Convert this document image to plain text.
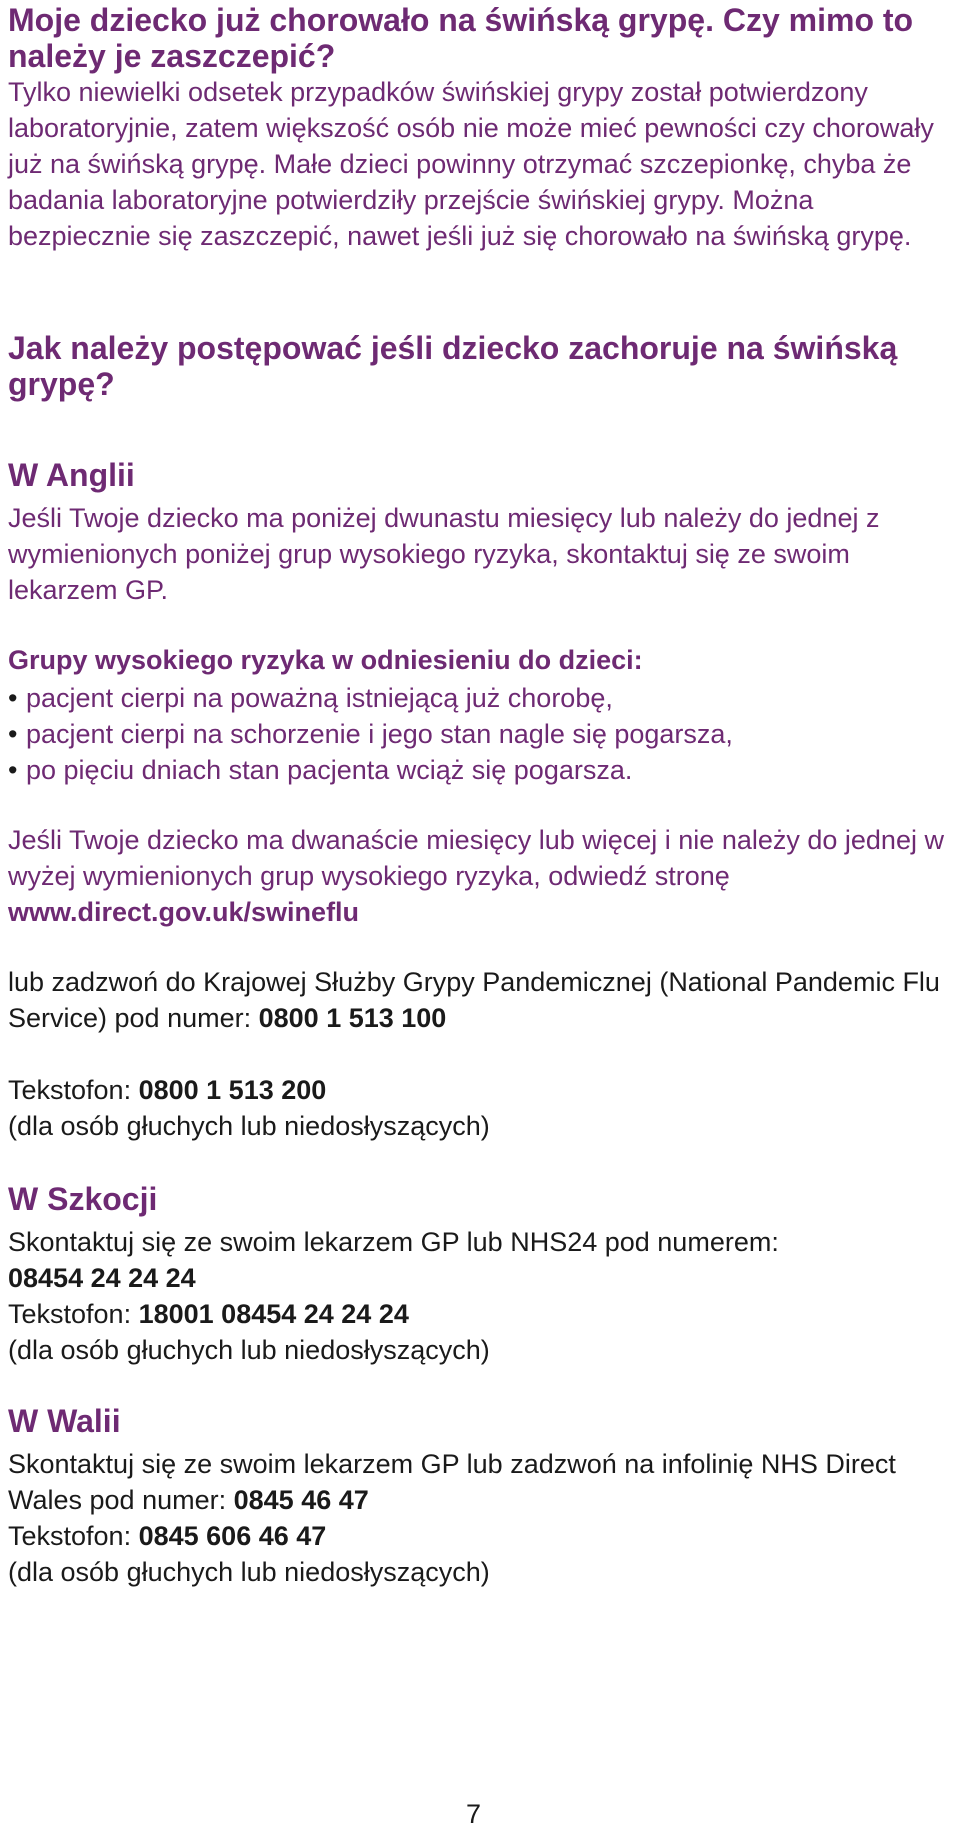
Moje dziecko już chorowało na świńską grypę. Czy mimo to należy je zaszczepić?
Tylko niewielki odsetek przypadków świńskiej grypy został potwierdzony laboratoryjnie, zatem większość osób nie może mieć pewności czy chorowały już na świńską grypę. Małe dzieci powinny otrzymać szczepionkę, chyba że badania laboratoryjne potwierdziły przejście świńskiej grypy. Można bezpiecznie się zaszczepić, nawet jeśli już się chorowało na świńską grypę.
Jak należy postępować jeśli dziecko zachoruje na świńską grypę?
W Anglii
Jeśli Twoje dziecko ma poniżej dwunastu miesięcy lub należy do jednej z wymienionych poniżej grup wysokiego ryzyka, skontaktuj się ze swoim lekarzem GP.
Grupy wysokiego ryzyka w odniesieniu do dzieci:
• pacjent cierpi na poważną istniejącą już chorobę,
• pacjent cierpi na schorzenie i jego stan nagle się pogarsza,
• po pięciu dniach stan pacjenta wciąż się pogarsza.
Jeśli Twoje dziecko ma dwanaście miesięcy lub więcej i nie należy do jednej w wyżej wymienionych grup wysokiego ryzyka, odwiedź stronę www.direct.gov.uk/swineflu
lub zadzwoń do Krajowej Służby Grypy Pandemicznej (National Pandemic Flu Service) pod numer: 0800 1 513 100
Tekstofon: 0800 1 513 200
(dla osób głuchych lub niedosłyszących)
W Szkocji
Skontaktuj się ze swoim lekarzem GP lub NHS24 pod numerem:
08454 24 24 24
Tekstofon: 18001 08454 24 24 24
(dla osób głuchych lub niedosłyszących)
W Walii
Skontaktuj się ze swoim lekarzem GP lub zadzwoń na infolinię NHS Direct Wales pod numer: 0845 46 47
Tekstofon: 0845 606 46 47
(dla osób głuchych lub niedosłyszących)
7
